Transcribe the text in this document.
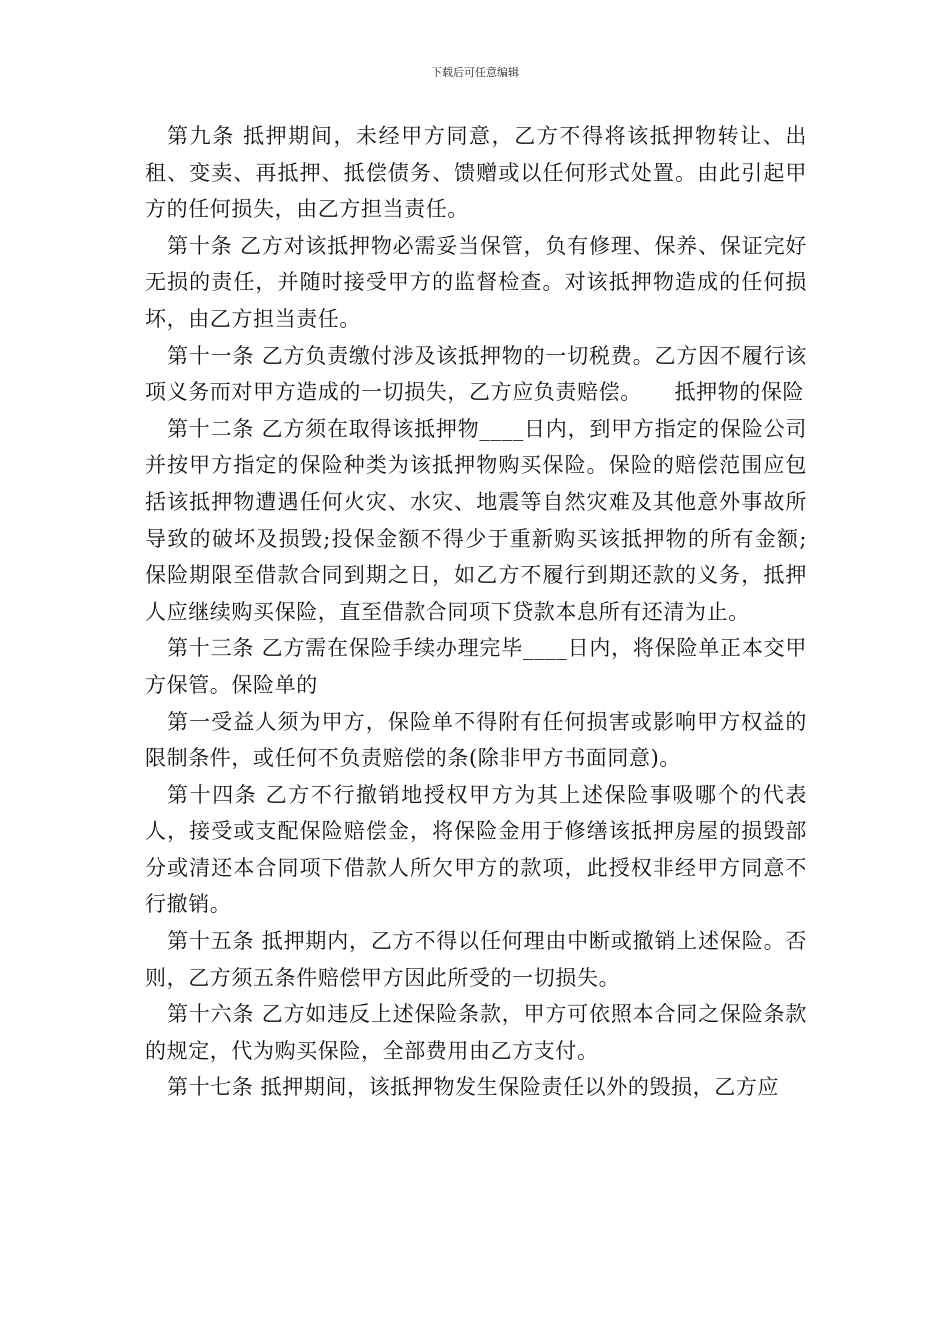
下载后可任意编辑

第九条 抵押期间，未经甲方同意，乙方不得将该抵押物转让、出租、变卖、再抵押、抵偿债务、馈赠或以任何形式处置。由此引起甲方的任何损失，由乙方担当责任。

第十条 乙方对该抵押物必需妥当保管，负有修理、保养、保证完好无损的责任，并随时接受甲方的监督检查。对该抵押物造成的任何损坏，由乙方担当责任。

第十一条 乙方负责缴付涉及该抵押物的一切税费。乙方因不履行该项义务而对甲方造成的一切损失，乙方应负责赔偿。　　抵押物的保险

第十二条 乙方须在取得该抵押物____日内，到甲方指定的保险公司并按甲方指定的保险种类为该抵押物购买保险。保险的赔偿范围应包括该抵押物遭遇任何火灾、水灾、地震等自然灾难及其他意外事故所导致的破坏及损毁;投保金额不得少于重新购买该抵押物的所有金额;保险期限至借款合同到期之日，如乙方不履行到期还款的义务，抵押人应继续购买保险，直至借款合同项下贷款本息所有还清为止。

第十三条 乙方需在保险手续办理完毕____日内，将保险单正本交甲方保管。保险单的

第一受益人须为甲方，保险单不得附有任何损害或影响甲方权益的限制条件，或任何不负责赔偿的条(除非甲方书面同意)。

第十四条 乙方不行撤销地授权甲方为其上述保险事吸哪个的代表人，接受或支配保险赔偿金，将保险金用于修缮该抵押房屋的损毁部分或清还本合同项下借款人所欠甲方的款项，此授权非经甲方同意不行撤销。

第十五条 抵押期内，乙方不得以任何理由中断或撤销上述保险。否则，乙方须五条件赔偿甲方因此所受的一切损失。

第十六条 乙方如违反上述保险条款，甲方可依照本合同之保险条款的规定，代为购买保险，全部费用由乙方支付。

第十七条 抵押期间，该抵押物发生保险责任以外的毁损，乙方应
